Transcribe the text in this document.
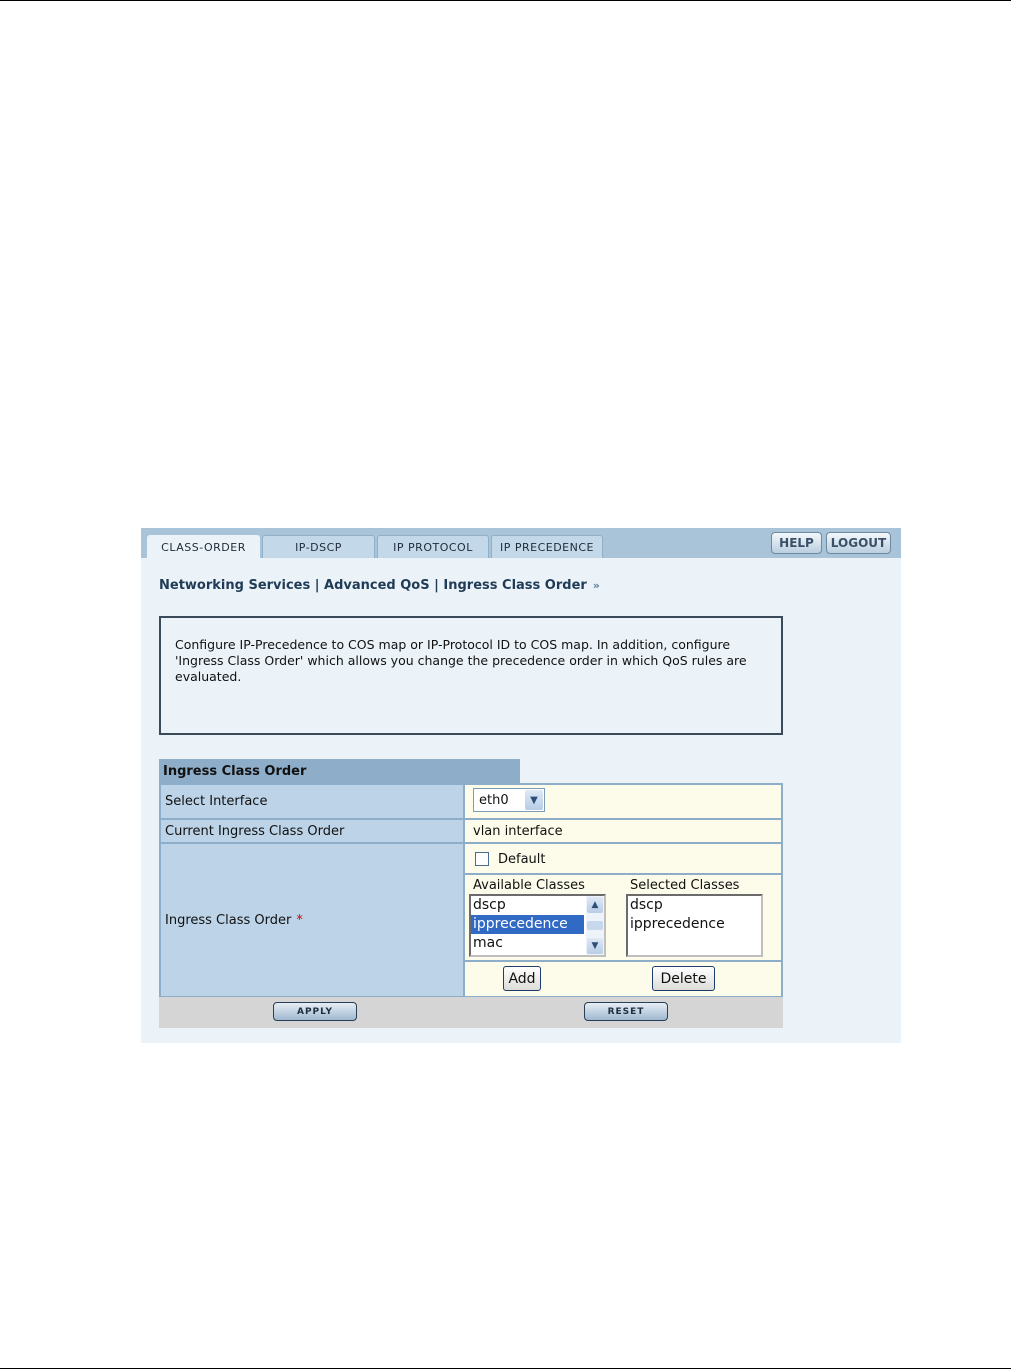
CLASS-ORDER	IP-DSCP	IP PROTOCOL	IP PRECEDENCE	HELP	LOGOUT
Networking Services | Advanced QoS | Ingress Class Order »
Configure IP-Precedence to COS map or IP-Protocol ID to COS map. In addition, configure 'Ingress Class Order' which allows you change the precedence order in which QoS rules are evaluated.
Ingress Class Order
Select Interface	eth0	▼
Current Ingress Class Order	vlan interface
Ingress Class Order *
Default
Available Classes	Selected Classes
dscp
ipprecedence
mac
▲
▼
dscp
ipprecedence
Add	Delete
APPLY	RESET
